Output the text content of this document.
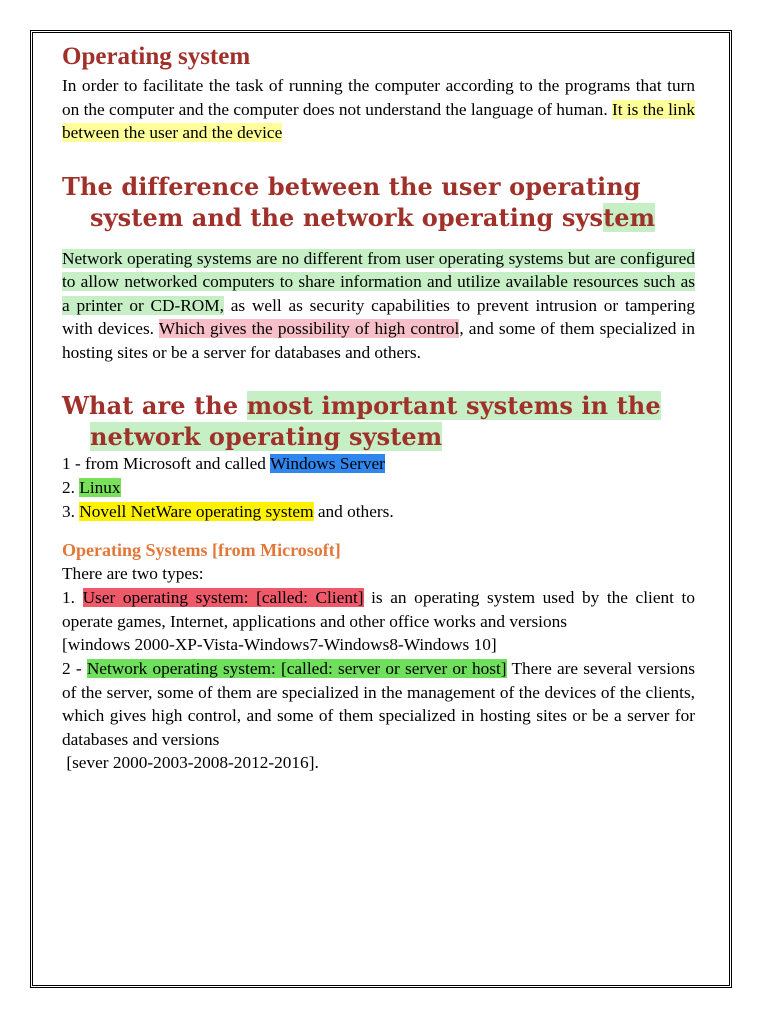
Operating system

In order to facilitate the task of running the computer according to the programs that turn on the computer and the computer does not understand the language of human. It is the link between the user and the device

The difference between the user operating
system and the network operating system

Network operating systems are no different from user operating systems but are configured to allow networked computers to share information and utilize available resources such as a printer or CD-ROM, as well as security capabilities to prevent intrusion or tampering with devices. Which gives the possibility of high control, and some of them specialized in hosting sites or be a server for databases and others.

What are the most important systems in the
network operating system
1 - from Microsoft and called Windows Server
2. Linux
3. Novell NetWare operating system and others.
Operating Systems [from Microsoft]
There are two types:

1. User operating system: [called: Client] is an operating system used by the client to operate games, Internet, applications and other office works and versions

[windows 2000-XP-Vista-Windows7-Windows8-Windows 10]

2 - Network operating system: [called: server or server or host] There are several versions of the server, some of them are specialized in the management of the devices of the clients, which gives high control, and some of them specialized in hosting sites or be a server for databases and versions

[sever 2000-2003-2008-2012-2016].
